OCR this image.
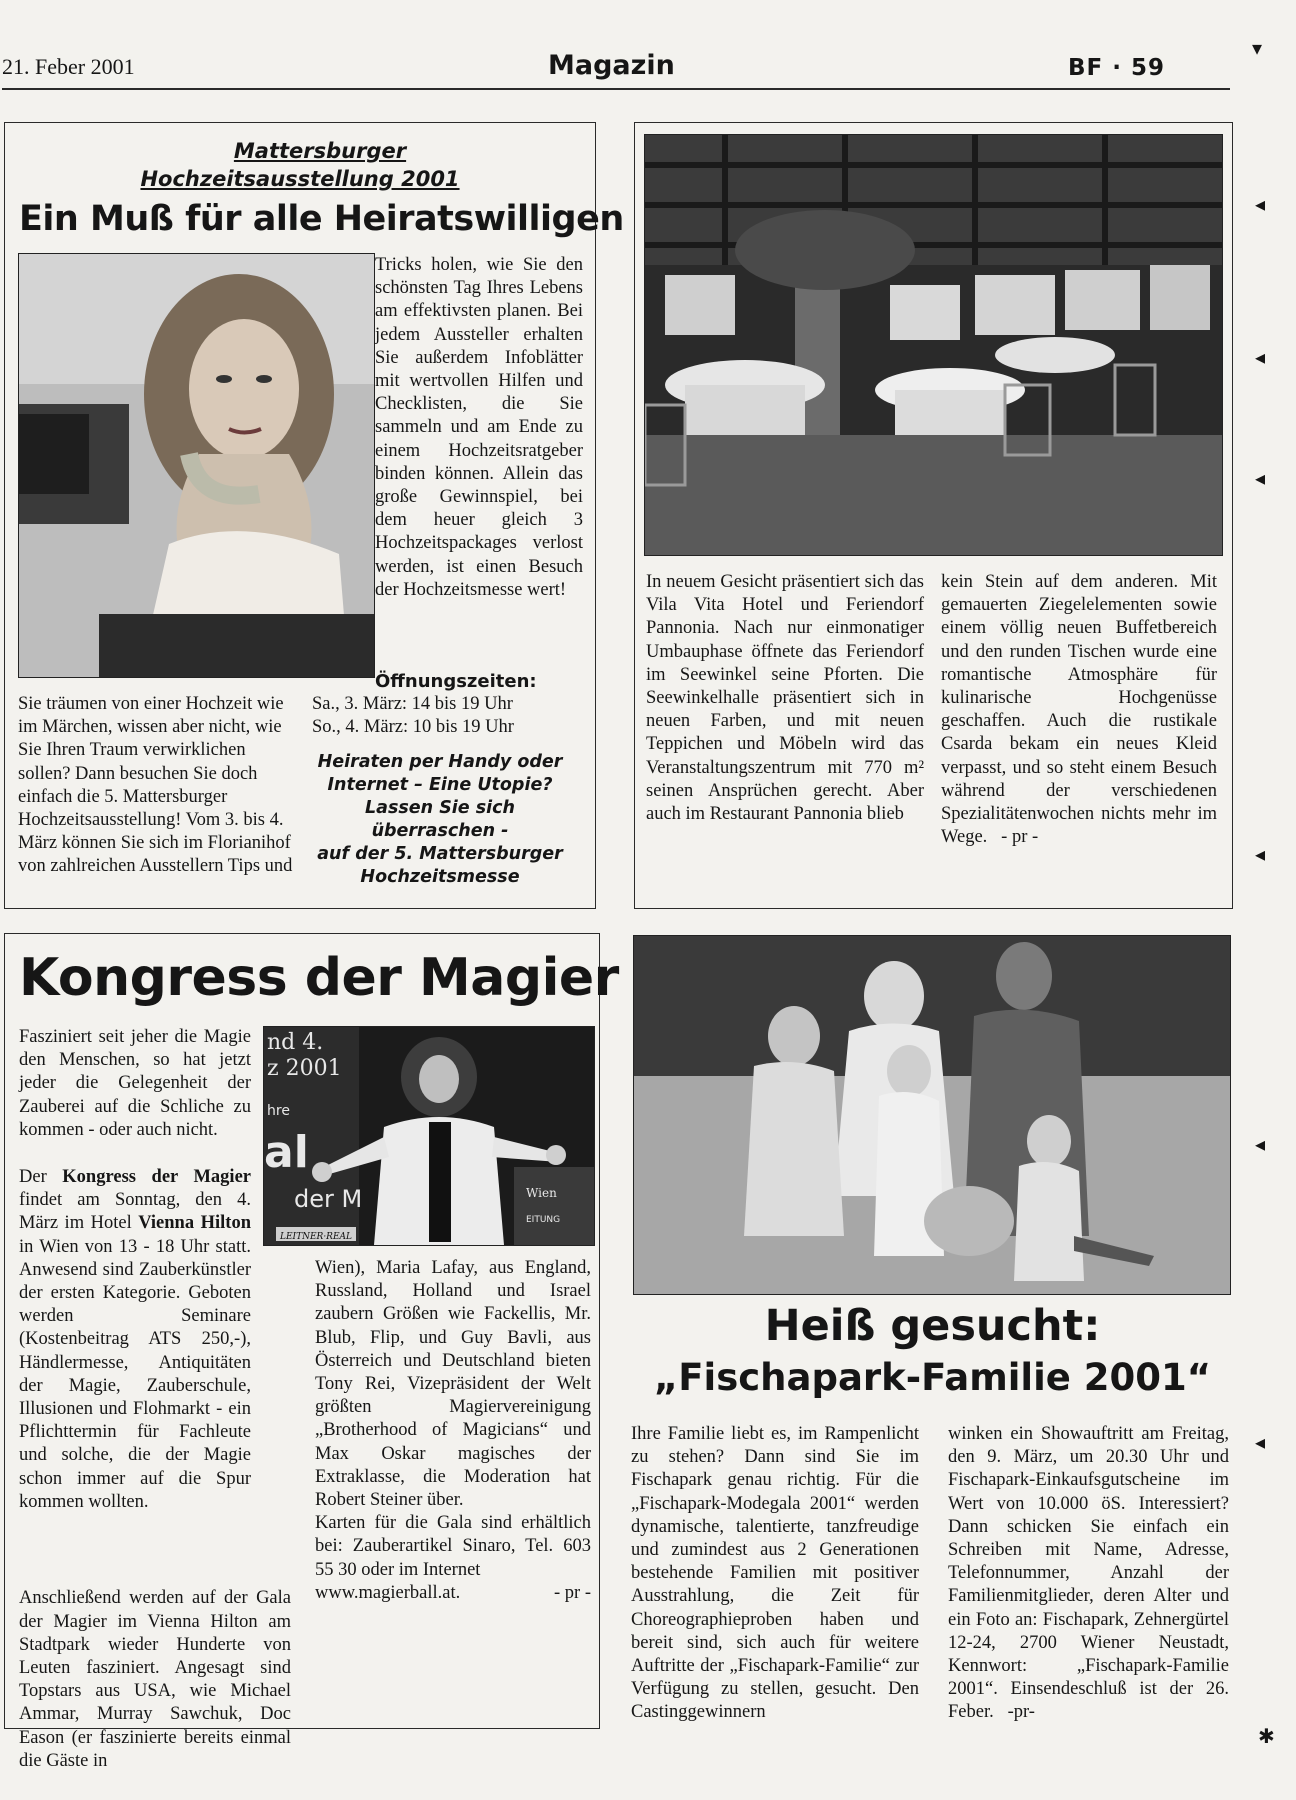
21. Feber 2001	Magazin	BF · 59
▾
◂
◂
◂
◂
◂
◂
✱
Mattersburger
Hochzeitsausstellung 2001
Ein Muß für alle Heiratswilligen
Tricks holen, wie Sie den schönsten Tag Ihres Lebens am effektivsten planen. Bei jedem Aussteller erhalten Sie außerdem Infoblätter mit wertvollen Hilfen und Checklisten, die Sie sammeln und am Ende zu einem Hochzeitsratgeber binden können. Allein das große Gewinnspiel, bei dem heuer gleich 3 Hochzeitspackages verlost werden, ist einen Besuch der Hochzeitsmesse wert!
Öffnungszeiten:
Sa., 3. März: 14 bis 19 Uhr
So., 4. März: 10 bis 19 Uhr
Sie träumen von einer Hochzeit wie im Märchen, wissen aber nicht, wie Sie Ihren Traum verwirklichen sollen? Dann besuchen Sie doch einfach die 5. Mattersburger Hochzeitsausstellung! Vom 3. bis 4. März können Sie sich im Florianihof von zahlreichen Ausstellern Tips und
Heiraten per Handy oder
Internet – Eine Utopie?
Lassen Sie sich
überraschen -
auf der 5. Mattersburger
Hochzeitsmesse
In neuem Gesicht präsentiert sich das Vila Vita Hotel und Feriendorf Pannonia. Nach nur einmonatiger Umbauphase öffnete das Feriendorf im Seewinkel seine Pforten. Die Seewinkelhalle präsentiert sich in neuen Farben, und mit neuen Teppichen und Möbeln wird das Veranstaltungszentrum mit 770 m² seinen Ansprüchen gerecht. Aber auch im Restaurant Pannonia blieb
kein Stein auf dem anderen. Mit gemauerten Ziegelelementen sowie einem völlig neuen Buffetbereich und den runden Tischen wurde eine romantische Atmosphäre für kulinarische Hochgenüsse geschaffen. Auch die rustikale Csarda bekam ein neues Kleid verpasst, und so steht einem Besuch während der verschiedenen Spezialitätenwochen nichts mehr im Wege. - pr -
Kongress der Magier
Fasziniert seit jeher die Magie den Menschen, so hat jetzt jeder die Gelegenheit der Zauberei auf die Schliche zu kommen - oder auch nicht.
nd 4.
z 2001
hre
al
der M	Wien
EITUNG
LEITNER·REAL
Der Kongress der Magier findet am Sonntag, den 4. März im Hotel Vienna Hilton in Wien von 13 - 18 Uhr statt. Anwesend sind Zauberkünstler der ersten Kategorie. Geboten werden Seminare (Kostenbeitrag ATS 250,-), Händlermesse, Antiquitäten der Magie, Zauberschule, Illusionen und Flohmarkt - ein Pflichttermin für Fachleute und solche, die der Magie schon immer auf die Spur kommen wollten.
Anschließend werden auf der Gala der Magier im Vienna Hilton am Stadtpark wieder Hunderte von Leuten fasziniert. Angesagt sind Topstars aus USA, wie Michael Ammar, Murray Sawchuk, Doc Eason (er faszinierte bereits einmal die Gäste in
Wien), Maria Lafay, aus England, Russland, Holland und Israel zaubern Größen wie Fackellis, Mr. Blub, Flip, und Guy Bavli, aus Österreich und Deutschland bieten Tony Rei, Vizepräsident der Welt größten Magiervereinigung „Brotherhood of Magicians“ und Max Oskar magisches der Extraklasse, die Moderation hat Robert Steiner über.
Karten für die Gala sind erhältlich bei: Zauberartikel Sinaro, Tel. 603 55 30 oder im Internet
www.magierball.at.	- pr -
Heiß gesucht:
„Fischapark-Familie 2001“
Ihre Familie liebt es, im Rampenlicht zu stehen? Dann sind Sie im Fischapark genau richtig. Für die „Fischapark-Modegala 2001“ werden dynamische, talentierte, tanzfreudige und zumindest aus 2 Generationen bestehende Familien mit positiver Ausstrahlung, die Zeit für Choreographieproben haben und bereit sind, sich auch für weitere Auftritte der „Fischapark-Familie“ zur Verfügung zu stellen, gesucht. Den Castinggewinnern
winken ein Showauftritt am Freitag, den 9. März, um 20.30 Uhr und Fischapark-Einkaufsgutscheine im Wert von 10.000 öS. Interessiert? Dann schicken Sie einfach ein Schreiben mit Name, Adresse, Telefonnummer, Anzahl der Familienmitglieder, deren Alter und ein Foto an: Fischapark, Zehnergürtel 12-24, 2700 Wiener Neustadt, Kennwort: „Fischapark-Familie 2001“. Einsendeschluß ist der 26. Feber. -pr-
